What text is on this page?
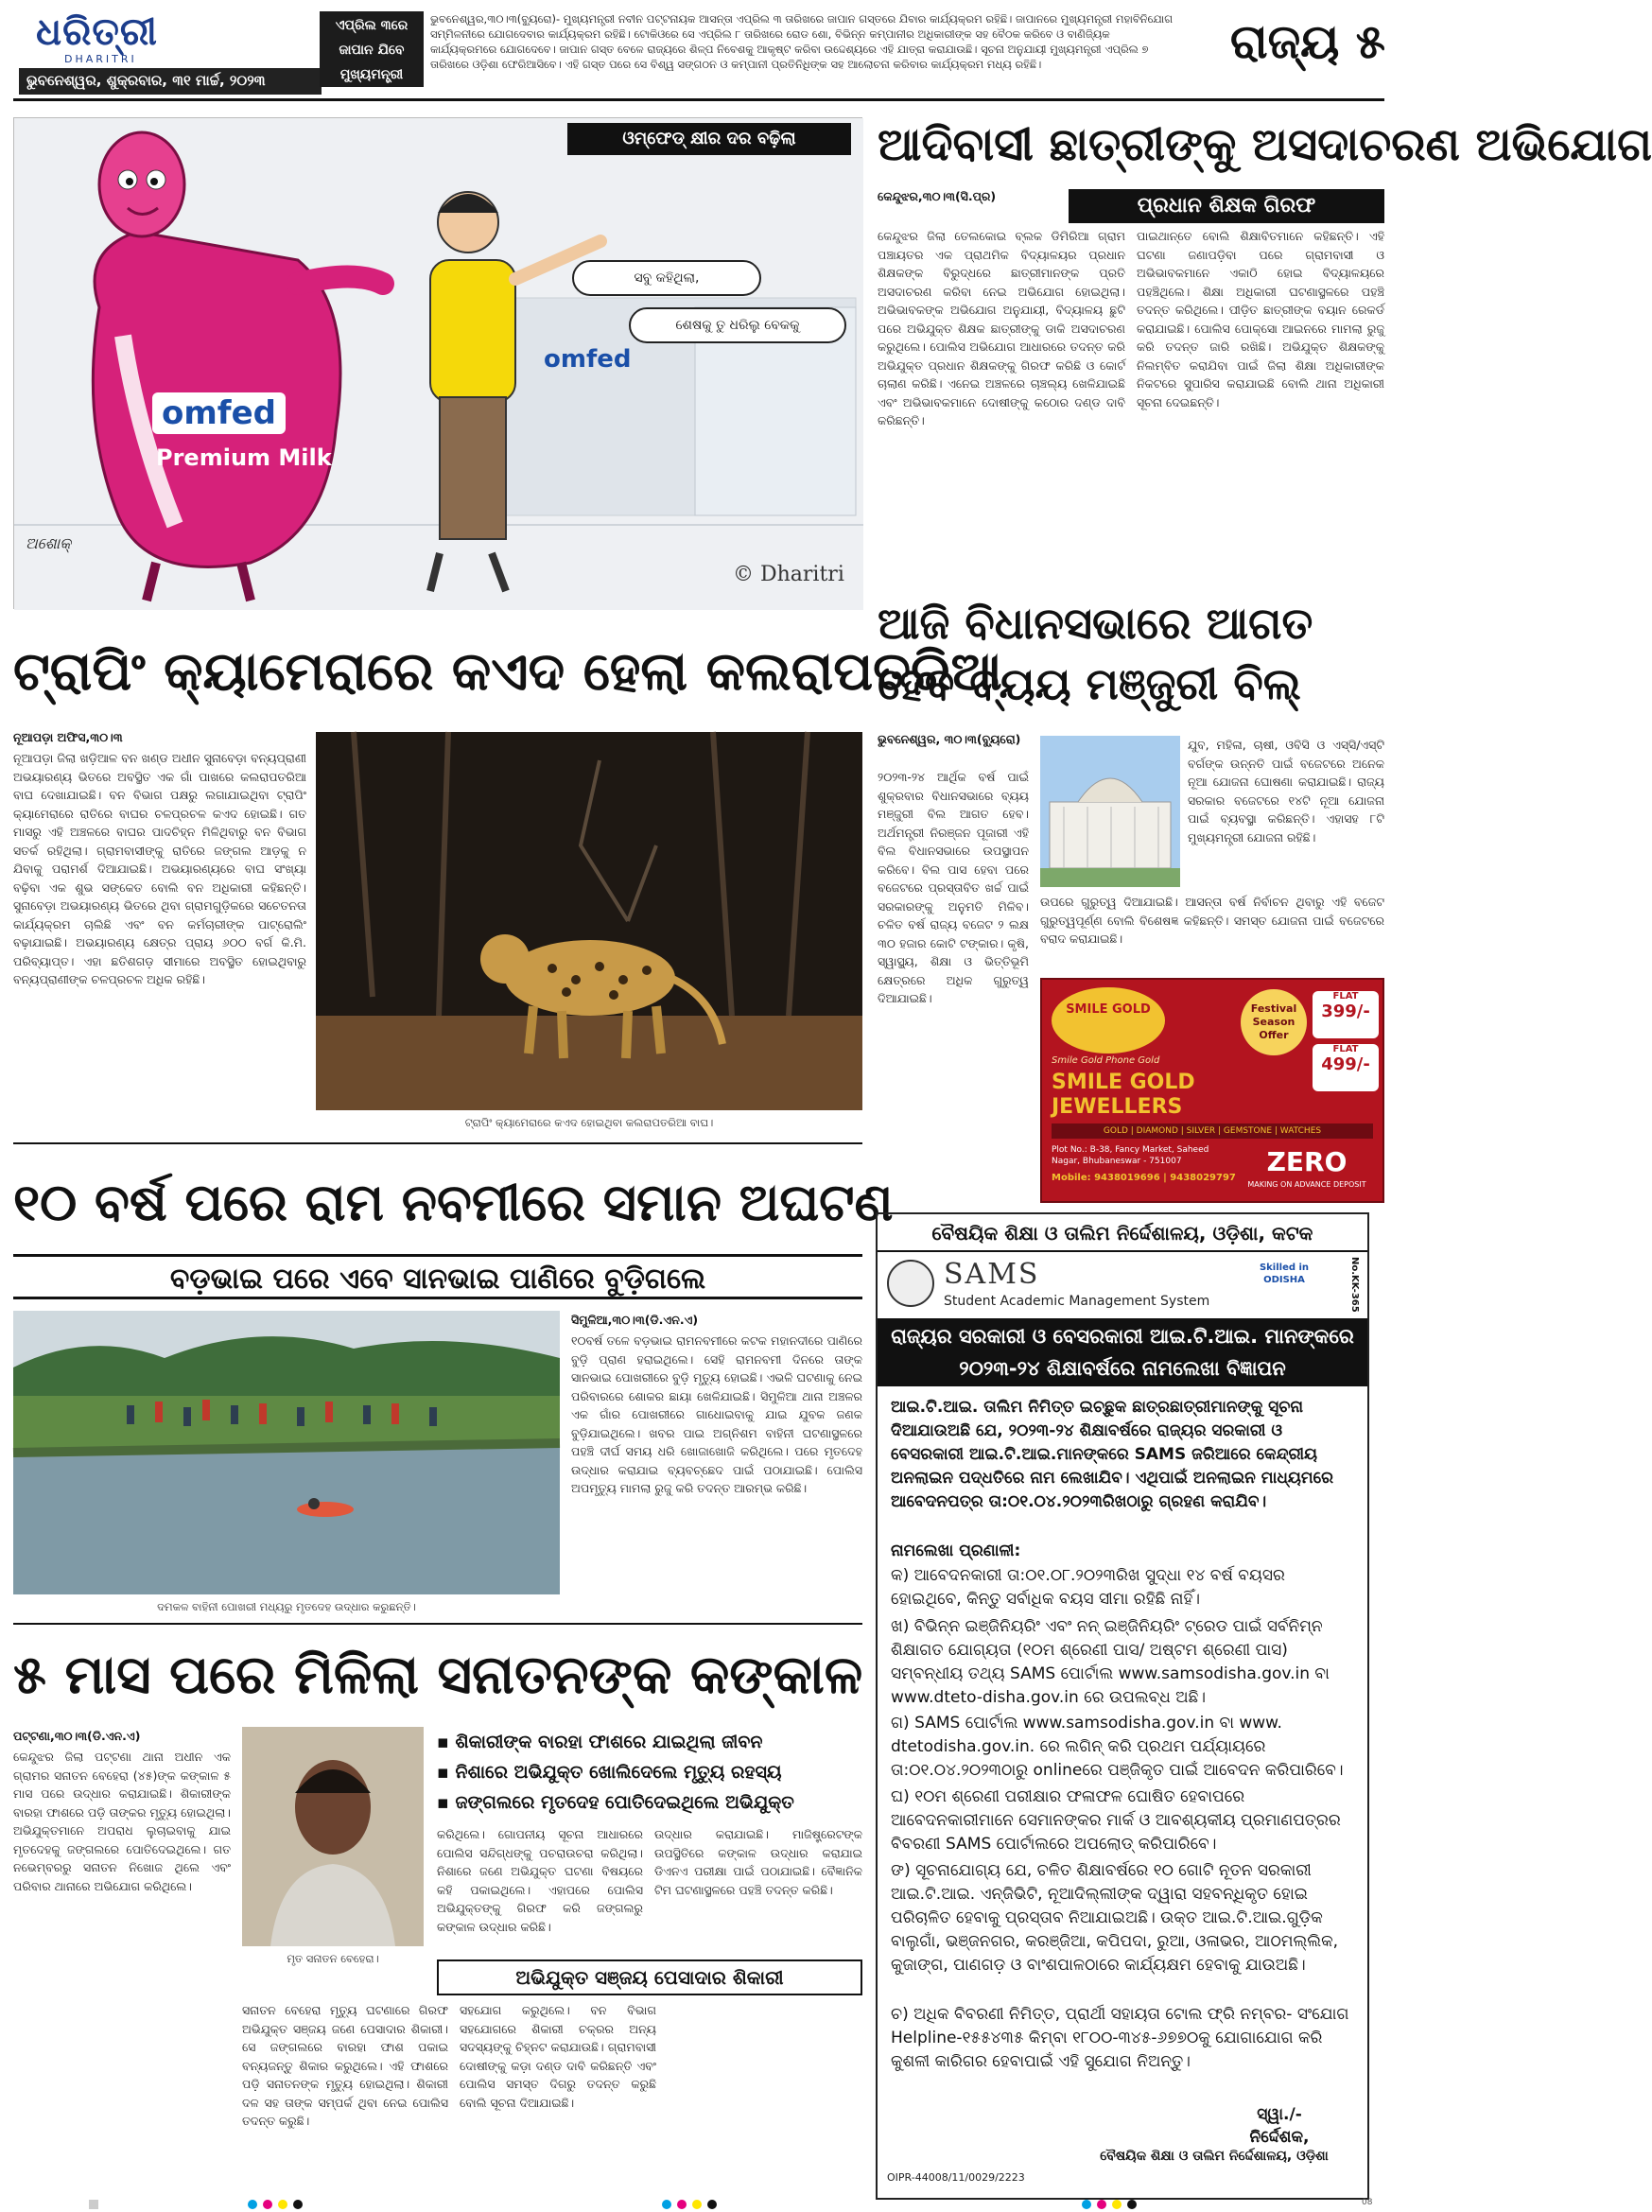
ଧରିତ୍ରୀ
DHARITRI
ଭୁବନେଶ୍ୱର, ଶୁକ୍ରବାର, ୩୧ ମାର୍ଚ୍ଚ, ୨୦୨୩
ଏପ୍ରିଲ ୩ରେ ଜାପାନ ଯିବେ ମୁଖ୍ୟମନ୍ତ୍ରୀ
ଭୁବନେଶ୍ୱର,୩୦।୩(ବ୍ୟୁରୋ)- ମୁଖ୍ୟମନ୍ତ୍ରୀ ନବୀନ ପଟ୍ଟନାୟକ ଆସନ୍ତା ଏପ୍ରିଲ ୩ ତାରିଖରେ ଜାପାନ ଗସ୍ତରେ ଯିବାର କାର୍ଯ୍ୟକ୍ରମ ରହିଛି। ଜାପାନରେ ମୁଖ୍ୟମନ୍ତ୍ରୀ ମହାବିନିଯୋଗ ସମ୍ମିଳନୀରେ ଯୋଗଦେବାର କାର୍ଯ୍ୟକ୍ରମ ରହିଛି। ଟୋକିଓରେ ସେ ଏପ୍ରିଲ ୮ ତାରିଖରେ ରୋଡ ଶୋ, ବିଭିନ୍ନ କମ୍ପାନୀର ଅଧିକାରୀଙ୍କ ସହ ବୈଠକ କରିବେ ଓ ବାଣିଜ୍ୟିକ କାର୍ଯ୍ୟକ୍ରମରେ ଯୋଗଦେବେ। ଜାପାନ ଗସ୍ତ ବେଳେ ରାଜ୍ୟରେ ଶିଳ୍ପ ନିବେଶକୁ ଆକୃଷ୍ଟ କରିବା ଉଦ୍ଦେଶ୍ୟରେ ଏହି ଯାତ୍ରା କରାଯାଉଛି। ସୂଚନା ଅନୁଯାୟୀ ମୁଖ୍ୟମନ୍ତ୍ରୀ ଏପ୍ରିଲ ୭ ତାରିଖରେ ଓଡ଼ିଶା ଫେରିଆସିବେ। ଏହି ଗସ୍ତ ପରେ ସେ ବିଶ୍ୱ ସଙ୍ଗଠନ ଓ କମ୍ପାନୀ ପ୍ରତିନିଧିଙ୍କ ସହ ଆଲୋଚନା କରିବାର କାର୍ଯ୍ୟକ୍ରମ ମଧ୍ୟ ରହିଛି।	ରାଜ୍ୟ ୫
omfed
Premium Milk
omfed
ସବୁ କହିଥିଲା,
ଶେଷକୁ ତୁ ଧରିଲୁ ବେକକୁ
© Dharitri
ଅଶୋକ୍
ଓମ୍‌ଫେଡ୍ କ୍ଷୀର ଦର ବଢ଼ିଲା	ଆଦିବାସୀ ଛାତ୍ରୀଙ୍କୁ ଅସଦାଚରଣ ଅଭିଯୋଗ
କେନ୍ଦୁଝର,୩୦।୩(ସି.ପ୍ର)	ପ୍ରଧାନ ଶିକ୍ଷକ ଗିରଫ
କେନ୍ଦୁଝର ଜିଲା ତେଲକୋଇ ବ୍ଲକ ଡିମିରିଆ ଗ୍ରାମ ପଞ୍ଚାୟତର ଏକ ପ୍ରାଥମିକ ବିଦ୍ୟାଳୟର ପ୍ରଧାନ ଶିକ୍ଷକଙ୍କ ବିରୁଦ୍ଧରେ ଛାତ୍ରୀମାନଙ୍କ ପ୍ରତି ଅସଦାଚରଣ କରିବା ନେଇ ଅଭିଯୋଗ ହୋଇଥିଲା। ଅଭିଭାବକଙ୍କ ଅଭିଯୋଗ ଅନୁଯାୟୀ, ବିଦ୍ୟାଳୟ ଛୁଟି ପରେ ଅଭିଯୁକ୍ତ ଶିକ୍ଷକ ଛାତ୍ରୀଙ୍କୁ ଡାକି ଅସଦାଚରଣ କରୁଥିଲେ। ପୋଲିସ ଅଭିଯୋଗ ଆଧାରରେ ତଦନ୍ତ କରି ଅଭିଯୁକ୍ତ ପ୍ରଧାନ ଶିକ୍ଷକଙ୍କୁ ଗିରଫ କରିଛି ଓ କୋର୍ଟ ଚାଲାଣ କରିଛି। ଏନେଇ ଅଞ୍ଚଳରେ ଚାଞ୍ଚଲ୍ୟ ଖେଳିଯାଇଛି ଏବଂ ଅଭିଭାବକମାନେ ଦୋଷୀଙ୍କୁ କଠୋର ଦଣ୍ଡ ଦାବି କରିଛନ୍ତି।
ପାଇଥାନ୍ତେ ବୋଲି ଶିକ୍ଷାବିତମାନେ କହିଛନ୍ତି। ଏହି ଘଟଣା ଜଣାପଡ଼ିବା ପରେ ଗ୍ରାମବାସୀ ଓ ଅଭିଭାବକମାନେ ଏକାଠି ହୋଇ ବିଦ୍ୟାଳୟରେ ପହଞ୍ଚିଥିଲେ। ଶିକ୍ଷା ଅଧିକାରୀ ଘଟଣାସ୍ଥଳରେ ପହଞ୍ଚି ତଦନ୍ତ କରିଥିଲେ। ପୀଡ଼ିତ ଛାତ୍ରୀଙ୍କ ବୟାନ ରେକର୍ଡ କରାଯାଇଛି। ପୋଲିସ ପୋକ୍ସୋ ଆଇନରେ ମାମଲା ରୁଜୁ କରି ତଦନ୍ତ ଜାରି ରଖିଛି। ଅଭିଯୁକ୍ତ ଶିକ୍ଷକଙ୍କୁ ନିଲମ୍ବିତ କରାଯିବା ପାଇଁ ଜିଲା ଶିକ୍ଷା ଅଧିକାରୀଙ୍କ ନିକଟରେ ସୁପାରିସ କରାଯାଇଛି ବୋଲି ଥାନା ଅଧିକାରୀ ସୂଚନା ଦେଇଛନ୍ତି।
ଟ୍ରାପିଂ କ୍ୟାମେରାରେ କଏଦ ହେଲା କଲରାପତରିଆ
ନୂଆପଡ଼ା ଅଫିସ,୩୦।୩
ନୂଆପଡ଼ା ଜିଲା ଖଡ଼ିଆଳ ବନ ଖଣ୍ଡ ଅଧୀନ ସୁନାବେଡ଼ା ବନ୍ୟପ୍ରାଣୀ ଅଭୟାରଣ୍ୟ ଭିତରେ ଅବସ୍ଥିତ ଏକ ଗାଁ ପାଖରେ କଲରାପତରିଆ ବାଘ ଦେଖାଯାଇଛି। ବନ ବିଭାଗ ପକ୍ଷରୁ ଲଗାଯାଇଥିବା ଟ୍ରାପିଂ କ୍ୟାମେରାରେ ରାତିରେ ବାଘର ଚଳପ୍ରଚଳ କଏଦ ହୋଇଛି। ଗତ ମାସରୁ ଏହି ଅଞ୍ଚଳରେ ବାଘର ପାଦଚିହ୍ନ ମିଳିଥିବାରୁ ବନ ବିଭାଗ ସତର୍କ ରହିଥିଲା। ଗ୍ରାମବାସୀଙ୍କୁ ରାତିରେ ଜଙ୍ଗଲ ଆଡ଼କୁ ନ ଯିବାକୁ ପରାମର୍ଶ ଦିଆଯାଇଛି। ଅଭୟାରଣ୍ୟରେ ବାଘ ସଂଖ୍ୟା ବଢ଼ିବା ଏକ ଶୁଭ ସଙ୍କେତ ବୋଲି ବନ ଅଧିକାରୀ କହିଛନ୍ତି। ସୁନାବେଡ଼ା ଅଭୟାରଣ୍ୟ ଭିତରେ ଥିବା ଗ୍ରାମଗୁଡ଼ିକରେ ସଚେତନତା କାର୍ଯ୍ୟକ୍ରମ ଚାଲିଛି ଏବଂ ବନ କର୍ମଚାରୀଙ୍କ ପାଟ୍ରୋଲିଂ ବଢ଼ାଯାଇଛି। ଅଭୟାରଣ୍ୟ କ୍ଷେତ୍ର ପ୍ରାୟ ୬୦୦ ବର୍ଗ କି.ମି. ପରିବ୍ୟାପ୍ତ। ଏହା ଛତିଶଗଡ଼ ସୀମାରେ ଅବସ୍ଥିତ ହୋଇଥିବାରୁ ବନ୍ୟପ୍ରାଣୀଙ୍କ ଚଳପ୍ରଚଳ ଅଧିକ ରହିଛି।
ଟ୍ରାପିଂ କ୍ୟାମେରାରେ କଏଦ ହୋଇଥିବା କଲରାପତରିଆ ବାଘ।
ଆଜି ବିଧାନସଭାରେ ଆଗତ
ହେବ ବ୍ୟୟ ମଞ୍ଜୁରୀ ବିଲ୍
ଭୁବନେଶ୍ୱର, ୩୦।୩(ବ୍ୟୁରୋ)
୨୦୨୩-୨୪ ଆର୍ଥିକ ବର୍ଷ ପାଇଁ ଶୁକ୍ରବାର ବିଧାନସଭାରେ ବ୍ୟୟ ମଞ୍ଜୁରୀ ବିଲ ଆଗତ ହେବ। ଅର୍ଥମନ୍ତ୍ରୀ ନିରଞ୍ଜନ ପୂଜାରୀ ଏହି ବିଲ ବିଧାନସଭାରେ ଉପସ୍ଥାପନ କରିବେ। ବିଲ ପାସ ହେବା ପରେ ବଜେଟରେ ପ୍ରସ୍ତାବିତ ଖର୍ଚ୍ଚ ପାଇଁ ସରକାରଙ୍କୁ ଅନୁମତି ମିଳିବ। ଚଳିତ ବର୍ଷ ରାଜ୍ୟ ବଜେଟ ୨ ଲକ୍ଷ ୩୦ ହଜାର କୋଟି ଟଙ୍କାର। କୃଷି, ସ୍ୱାସ୍ଥ୍ୟ, ଶିକ୍ଷା ଓ ଭିତ୍ତିଭୂମି କ୍ଷେତ୍ରରେ ଅଧିକ ଗୁରୁତ୍ୱ ଦିଆଯାଇଛି।
ଯୁବ, ମହିଳା, ଚାଷୀ, ଓବିସି ଓ ଏସ୍‌ସି/ଏସ୍‌ଟି ବର୍ଗଙ୍କ ଉନ୍ନତି ପାଇଁ ବଜେଟରେ ଅନେକ ନୂଆ ଯୋଜନା ଘୋଷଣା କରାଯାଇଛି। ରାଜ୍ୟ ସରକାର ବଜେଟରେ ୧୪ଟି ନୂଆ ଯୋଜନା ପାଇଁ ବ୍ୟବସ୍ଥା କରିଛନ୍ତି। ଏହାସହ ୮ଟି ମୁଖ୍ୟମନ୍ତ୍ରୀ ଯୋଜନା ରହିଛି।
ଉପରେ ଗୁରୁତ୍ୱ ଦିଆଯାଇଛି। ଆସନ୍ତା ବର୍ଷ ନିର୍ବାଚନ ଥିବାରୁ ଏହି ବଜେଟ ଗୁରୁତ୍ୱପୂର୍ଣ୍ଣ ବୋଲି ବିଶେଷଜ୍ଞ କହିଛନ୍ତି। ସମସ୍ତ ଯୋଜନା ପାଇଁ ବଜେଟରେ ବରାଦ କରାଯାଇଛି।
SMILE GOLD
Smile Gold Phone Gold
SMILE GOLD JEWELLERS
Festival Season Offer
FLAT
399/-
FLAT
499/-
GOLD | DIAMOND | SILVER | GEMSTONE | WATCHES
Plot No.: B-38, Fancy Market, Saheed Nagar, Bhubaneswar - 751007
Mobile: 9438019696 | 9438029797
ZERO
MAKING ON ADVANCE DEPOSIT
୧୦ ବର୍ଷ ପରେ ରାମ ନବମୀରେ ସମାନ ଅଘଟଣ
ବଡ଼ଭାଇ ପରେ ଏବେ ସାନଭାଇ ପାଣିରେ ବୁଡ଼ିଗଲେ
ଦମକଳ ବାହିନୀ ପୋଖରୀ ମଧ୍ୟରୁ ମୃତଦେହ ଉଦ୍ଧାର କରୁଛନ୍ତି।
ସିମୁଳିଆ,୩୦।୩(ଡି.ଏନ.ଏ)
୧୦ବର୍ଷ ତଳେ ବଡ଼ଭାଇ ରାମନବମୀରେ କଟକ ମହାନଦୀରେ ପାଣିରେ ବୁଡ଼ି ପ୍ରାଣ ହରାଇଥିଲେ। ସେହି ରାମନବମୀ ଦିନରେ ତାଙ୍କ ସାନଭାଇ ପୋଖରୀରେ ବୁଡ଼ି ମୃତ୍ୟୁ ହୋଇଛି। ଏଭଳି ଘଟଣାକୁ ନେଇ ପରିବାରରେ ଶୋକର ଛାୟା ଖେଳିଯାଇଛି। ସିମୁଳିଆ ଥାନା ଅଞ୍ଚଳର ଏକ ଗାଁର ପୋଖରୀରେ ଗାଧୋଇବାକୁ ଯାଇ ଯୁବକ ଜଣକ ବୁଡ଼ିଯାଇଥିଲେ। ଖବର ପାଇ ଅଗ୍ନିଶମ ବାହିନୀ ଘଟଣାସ୍ଥଳରେ ପହଞ୍ଚି ଦୀର୍ଘ ସମୟ ଧରି ଖୋଜାଖୋଜି କରିଥିଲେ। ପରେ ମୃତଦେହ ଉଦ୍ଧାର କରାଯାଇ ବ୍ୟବଚ୍ଛେଦ ପାଇଁ ପଠାଯାଇଛି। ପୋଲିସ ଅପମୃତ୍ୟୁ ମାମଲା ରୁଜୁ କରି ତଦନ୍ତ ଆରମ୍ଭ କରିଛି।
୫ ମାସ ପରେ ମିଳିଲା ସନାତନଙ୍କ କଙ୍କାଳ
ପଟ୍ଟଣା,୩୦।୩(ଡି.ଏନ.ଏ)
କେନ୍ଦୁଝର ଜିଲା ପଟ୍ଟଣା ଥାନା ଅଧୀନ ଏକ ଗ୍ରାମର ସନାତନ ବେହେରା (୪୫)ଙ୍କ କଙ୍କାଳ ୫ ମାସ ପରେ ଉଦ୍ଧାର କରାଯାଇଛି। ଶିକାରୀଙ୍କ ବାରହା ଫାଶରେ ପଡ଼ି ତାଙ୍କର ମୃତ୍ୟୁ ହୋଇଥିଲା। ଅଭିଯୁକ୍ତମାନେ ଅପରାଧ ଲୁଚାଇବାକୁ ଯାଇ ମୃତଦେହକୁ ଜଙ୍ଗଲରେ ପୋତିଦେଇଥିଲେ। ଗତ ନଭେମ୍ବରରୁ ସନାତନ ନିଖୋଜ ଥିଲେ ଏବଂ ପରିବାର ଥାନାରେ ଅଭିଯୋଗ କରିଥିଲେ।
ମୃତ ସନାତନ ବେହେରା।
▪ ଶିକାରୀଙ୍କ ବାରହା ଫାଶରେ ଯାଇଥିଲା ଜୀବନ
▪ ନିଶାରେ ଅଭିଯୁକ୍ତ ଖୋଲିଦେଲେ ମୃତ୍ୟୁ ରହସ୍ୟ
▪ ଜଙ୍ଗଲରେ ମୃତଦେହ ପୋତିଦେଇଥିଲେ ଅଭିଯୁକ୍ତ
କରିଥିଲେ। ଗୋପନୀୟ ସୂଚନା ଆଧାରରେ ପୋଲିସ ସନ୍ଦିଗ୍ଧଙ୍କୁ ପଚରାଉଚରା କରିଥିଲା। ନିଶାରେ ଜଣେ ଅଭିଯୁକ୍ତ ଘଟଣା ବିଷୟରେ କହି ପକାଇଥିଲେ। ଏହାପରେ ପୋଲିସ ଅଭିଯୁକ୍ତଙ୍କୁ ଗିରଫ କରି ଜଙ୍ଗଲରୁ କଙ୍କାଳ ଉଦ୍ଧାର କରିଛି।
ଉଦ୍ଧାର କରାଯାଇଛି। ମାଜିଷ୍ଟ୍ରେଟଙ୍କ ଉପସ୍ଥିତିରେ କଙ୍କାଳ ଉଦ୍ଧାର କରାଯାଇ ଡିଏନଏ ପରୀକ୍ଷା ପାଇଁ ପଠାଯାଇଛି। ବୈଜ୍ଞାନିକ ଟିମ ଘଟଣାସ୍ଥଳରେ ପହଞ୍ଚି ତଦନ୍ତ କରିଛି।
ଅଭିଯୁକ୍ତ ସଞ୍ଜୟ ପେସାଦାର ଶିକାରୀ
ସନାତନ ବେହେରା ମୃତ୍ୟୁ ଘଟଣାରେ ଗିରଫ ଅଭିଯୁକ୍ତ ସଞ୍ଜୟ ଜଣେ ପେସାଦାର ଶିକାରୀ। ସେ ଜଙ୍ଗଲରେ ବାରହା ଫାଶ ପକାଇ ବନ୍ୟଜନ୍ତୁ ଶିକାର କରୁଥିଲେ। ଏହି ଫାଶରେ ପଡ଼ି ସନାତନଙ୍କ ମୃତ୍ୟୁ ହୋଇଥିଲା। ଶିକାରୀ ଦଳ ସହ ତାଙ୍କ ସମ୍ପର୍କ ଥିବା ନେଇ ପୋଲିସ ତଦନ୍ତ କରୁଛି।
ସହଯୋଗ କରୁଥିଲେ। ବନ ବିଭାଗ ସହଯୋଗରେ ଶିକାରୀ ଚକ୍ରର ଅନ୍ୟ ସଦସ୍ୟଙ୍କୁ ଚିହ୍ନଟ କରାଯାଉଛି। ଗ୍ରାମବାସୀ ଦୋଷୀଙ୍କୁ କଡ଼ା ଦଣ୍ଡ ଦାବି କରିଛନ୍ତି ଏବଂ ପୋଲିସ ସମସ୍ତ ଦିଗରୁ ତଦନ୍ତ କରୁଛି ବୋଲି ସୂଚନା ଦିଆଯାଇଛି।
ବୈଷୟିକ ଶିକ୍ଷା ଓ ତାଲିମ ନିର୍ଦ୍ଦେଶାଳୟ, ଓଡ଼ିଶା, କଟକ
SAMS
Student Academic Management System
Skilled in ODISHA	No.KK-365
ରାଜ୍ୟର ସରକାରୀ ଓ ବେସରକାରୀ ଆଇ.ଟି.ଆଇ. ମାନଙ୍କରେ ୨୦୨୩-୨୪ ଶିକ୍ଷାବର୍ଷରେ ନାମଲେଖା ବିଜ୍ଞାପନ
ଆଇ.ଟି.ଆଇ. ତାଲିମ ନିମିତ୍ତ ଇଚ୍ଛୁକ ଛାତ୍ରଛାତ୍ରୀମାନଙ୍କୁ ସୂଚନା ଦିଆଯାଉଅଛି ଯେ, ୨୦୨୩-୨୪ ଶିକ୍ଷାବର୍ଷରେ ରାଜ୍ୟର ସରକାରୀ ଓ ବେସରକାରୀ ଆଇ.ଟି.ଆଇ.ମାନଙ୍କରେ SAMS ଜରିଆରେ କେନ୍ଦ୍ରୀୟ ଅନଲାଇନ ପଦ୍ଧତିରେ ନାମ ଲେଖାଯିବ। ଏଥିପାଇଁ ଅନଲାଇନ ମାଧ୍ୟମରେ ଆବେଦନପତ୍ର ତା:୦୧.୦୪.୨୦୨୩ରିଖଠାରୁ ଗ୍ରହଣ କରାଯିବ।
ନାମଲେଖା ପ୍ରଣାଳୀ:
କ) ଆବେଦନକାରୀ ତା:୦୧.୦୮.୨୦୨୩ରିଖ ସୁଦ୍ଧା ୧୪ ବର୍ଷ ବୟସର ହୋଇଥିବେ, କିନ୍ତୁ ସର୍ବାଧିକ ବୟସ ସୀମା ରହିଛି ନାହିଁ।
ଖ) ବିଭିନ୍ନ ଇଞ୍ଜିନିୟରିଂ ଏବଂ ନନ୍ ଇଞ୍ଜିନିୟରିଂ ଟ୍ରେଡ ପାଇଁ ସର୍ବନିମ୍ନ ଶିକ୍ଷାଗତ ଯୋଗ୍ୟତା (୧୦ମ ଶ୍ରେଣୀ ପାସ/ ଅଷ୍ଟମ ଶ୍ରେଣୀ ପାସ) ସମ୍ବନ୍ଧୀୟ ତଥ୍ୟ SAMS ପୋର୍ଟାଲ www.samsodisha.gov.in ବା www.dteto-disha.gov.in ରେ ଉପଲବ୍ଧ ଅଛି।
ଗ) SAMS ପୋର୍ଟାଲ www.samsodisha.gov.in ବା www. dtetodisha.gov.in. ରେ ଲଗିନ୍ କରି ପ୍ରଥମ ପର୍ଯ୍ୟାୟରେ ତା:୦୧.୦୪.୨୦୨୩ଠାରୁ onlineରେ ପଞ୍ଜିକୃତ ପାଇଁ ଆବେଦନ କରିପାରିବେ।
ଘ) ୧୦ମ ଶ୍ରେଣୀ ପରୀକ୍ଷାର ଫଳାଫଳ ଘୋଷିତ ହେବାପରେ ଆବେଦନକାରୀମାନେ ସେମାନଙ୍କର ମାର୍କ ଓ ଆବଶ୍ୟକୀୟ ପ୍ରମାଣପତ୍ରର ବିବରଣୀ SAMS ପୋର୍ଟାଲରେ ଅପଲୋଡ୍ କରିପାରିବେ।
ଙ) ସୂଚନାଯୋଗ୍ୟ ଯେ, ଚଳିତ ଶିକ୍ଷାବର୍ଷରେ ୧୦ ଗୋଟି ନୂତନ ସରକାରୀ ଆଇ.ଟି.ଆଇ. ଏନ୍‌ଜିଭିଟି, ନୂଆଦିଲ୍ଲୀଙ୍କ ଦ୍ୱାରା ସହବନ୍ଧିକୃତ ହୋଇ ପରିଚାଳିତ ହେବାକୁ ପ୍ରସ୍ତାବ ନିଆଯାଇଅଛି। ଉକ୍ତ ଆଇ.ଟି.ଆଇ.ଗୁଡ଼ିକ ବାଲୁଗାଁ, ଭଞ୍ଜନଗର, କରଞ୍ଜିଆ, କପିପଦା, ରୁଆ, ଓଳାଭର, ଆଠମଲ୍ଲିକ, କୁଜାଙ୍ଗ, ପାଣଗଡ଼ ଓ ବାଂଶପାଳଠାରେ କାର୍ଯ୍ୟକ୍ଷମ ହେବାକୁ ଯାଉଅଛି।
ଚ) ଅଧିକ ବିବରଣୀ ନିମିତ୍ତ, ପ୍ରାର୍ଥୀ ସହାୟତା ଟୋଲ ଫ୍ରି ନମ୍ବର- ସଂଯୋଗ Helpline-୧୫୫୪୩୫ କିମ୍ବା ୧୮୦୦-୩୪୫-୬୭୭୦କୁ ଯୋଗାଯୋଗ କରି କୁଶଳୀ କାରିଗର ହେବାପାଇଁ ଏହି ସୁଯୋଗ ନିଅନ୍ତୁ।
ସ୍ୱା./-
ନିର୍ଦ୍ଦେଶକ,
OIPR-44008/11/0029/2223
ବୈଷୟିକ ଶିକ୍ଷା ଓ ତାଲିମ ନିର୍ଦ୍ଦେଶାଳୟ, ଓଡ଼ିଶା
08
